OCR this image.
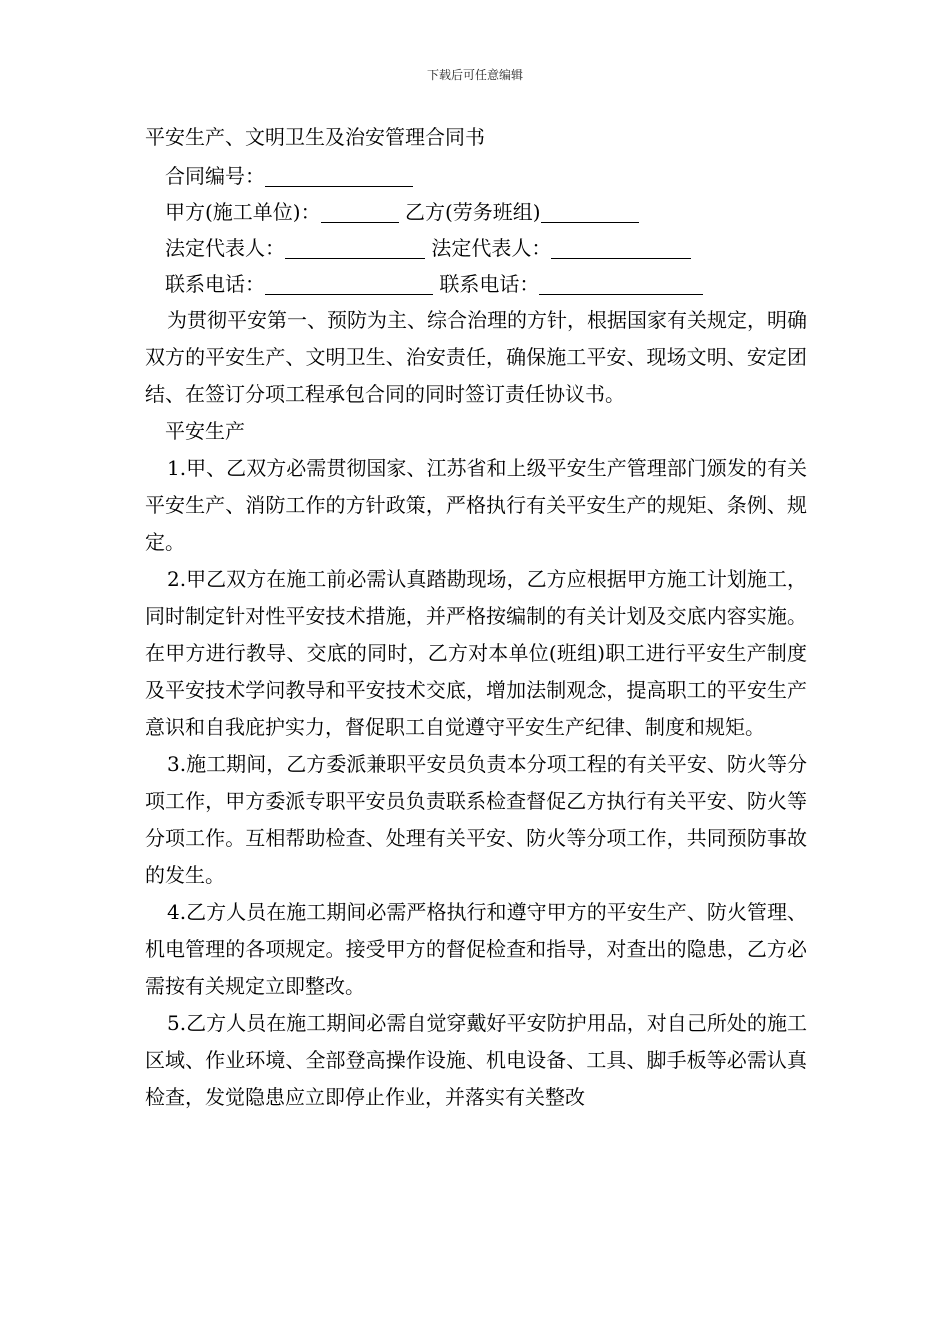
下载后可任意编辑
平安生产、文明卫生及治安管理合同书
合同编号：
甲方(施工单位)：	乙方(劳务班组)
法定代表人：	法定代表人：
联系电话：	联系电话：

为贯彻平安第一、预防为主、综合治理的方针，根据国家有关规定，明确双方的平安生产、文明卫生、治安责任，确保施工平安、现场文明、安定团结、在签订分项工程承包合同的同时签订责任协议书。

平安生产

1.甲、乙双方必需贯彻国家、江苏省和上级平安生产管理部门颁发的有关平安生产、消防工作的方针政策，严格执行有关平安生产的规矩、条例、规定。

2.甲乙双方在施工前必需认真踏勘现场，乙方应根据甲方施工计划施工，同时制定针对性平安技术措施，并严格按编制的有关计划及交底内容实施。在甲方进行教导、交底的同时，乙方对本单位(班组)职工进行平安生产制度及平安技术学问教导和平安技术交底，增加法制观念，提高职工的平安生产意识和自我庇护实力，督促职工自觉遵守平安生产纪律、制度和规矩。

3.施工期间，乙方委派兼职平安员负责本分项工程的有关平安、防火等分项工作，甲方委派专职平安员负责联系检查督促乙方执行有关平安、防火等分项工作。互相帮助检查、处理有关平安、防火等分项工作，共同预防事故的发生。

4.乙方人员在施工期间必需严格执行和遵守甲方的平安生产、防火管理、机电管理的各项规定。接受甲方的督促检查和指导，对查出的隐患，乙方必需按有关规定立即整改。

5.乙方人员在施工期间必需自觉穿戴好平安防护用品，对自己所处的施工区域、作业环境、全部登高操作设施、机电设备、工具、脚手板等必需认真检查，发觉隐患应立即停止作业，并落实有关整改
